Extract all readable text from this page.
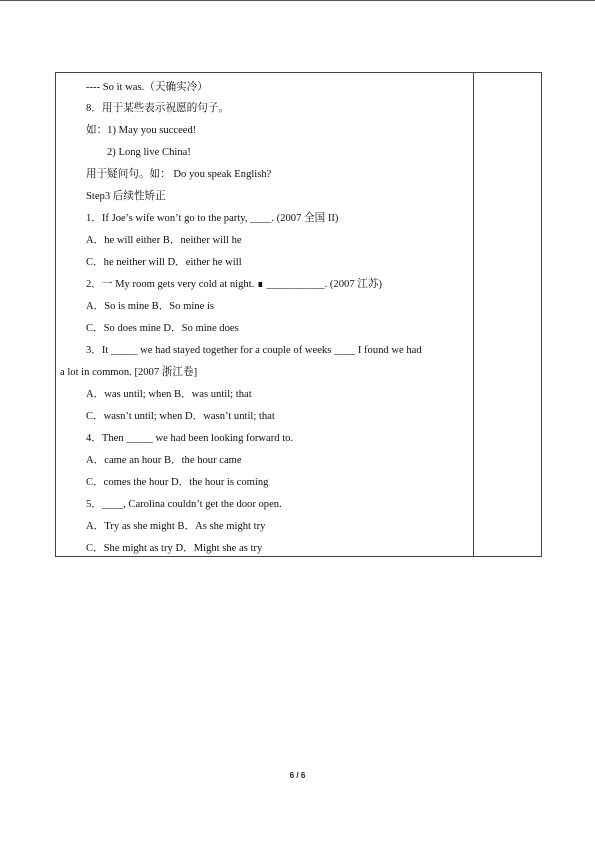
---- So it was.（天确实冷）
8．用于某些表示祝愿的句子。
如：1) May you succeed!
2) Long live China!
用于疑问句。如： Do you speak English?
Step3 后续性矫正
1．If Joe’s wife won’t go to the party, ____. (2007 全国 II)
A．he will either B．neither will he
C．he neither will D．either he will
2．一 My room gets very cold at night. ∎ ___________. (2007 江苏)
A．So is mine B．So mine is
C．So does mine D．So mine does
3．It _____ we had stayed together for a couple of weeks ____ I found we had
a lot in common. [2007 浙江卷]
A．was until; when B．was until; that
C．wasn’t until; when D．wasn’t until; that
4．Then _____ we had been looking forward to.
A．came an hour B．the hour came
C．comes the hour D．the hour is coming
5．____, Carolina couldn’t get the door open.
A．Try as she might B．As she might try
C．She might as try D．Might she as try
6 / 6
